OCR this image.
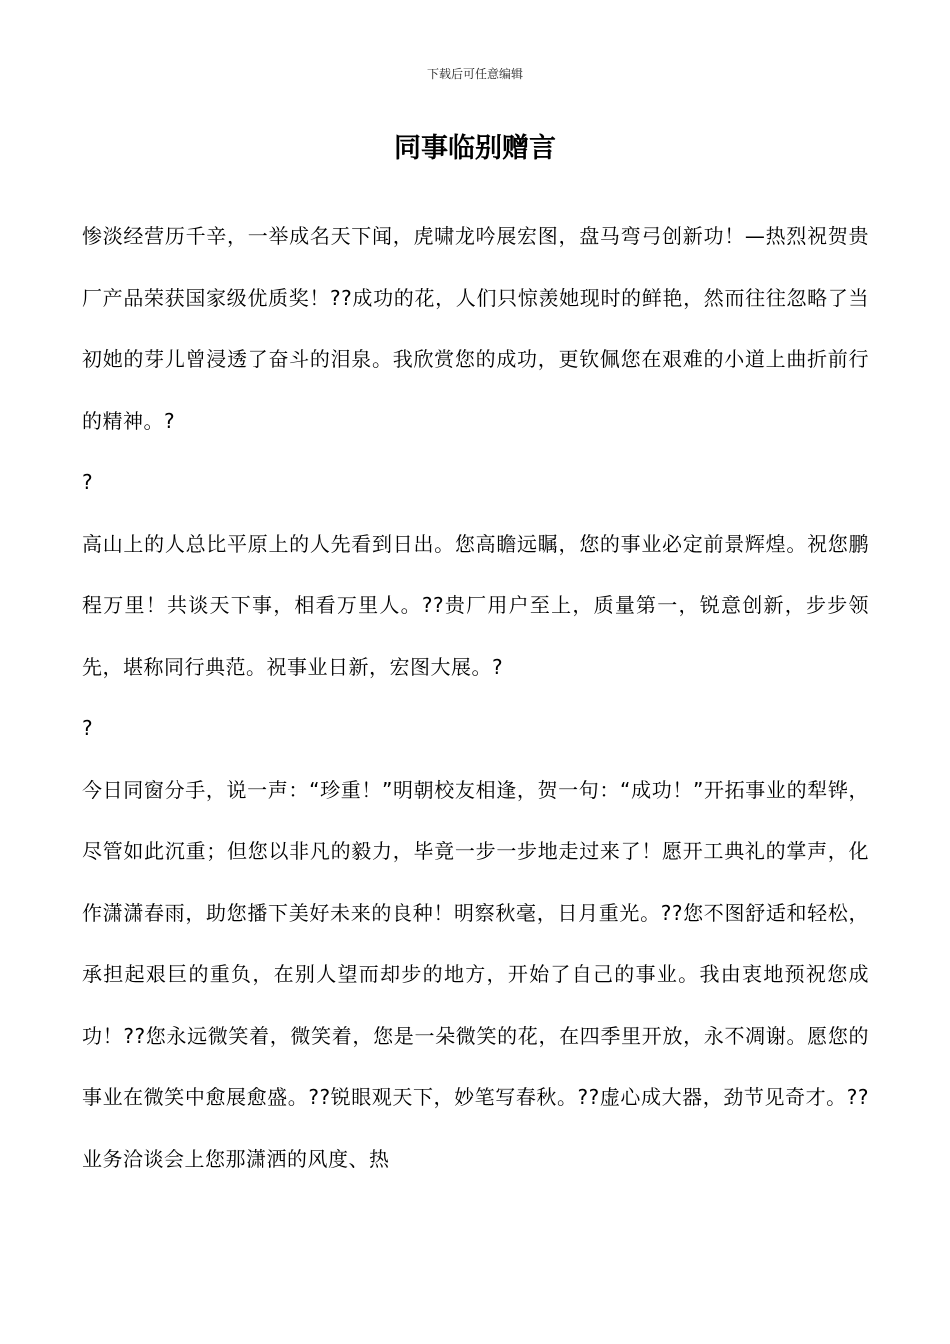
下载后可任意编辑
同事临别赠言

惨淡经营历千辛，一举成名天下闻，虎啸龙吟展宏图，盘马弯弓创新功！—热烈祝贺贵厂产品荣获国家级优质奖！??成功的花，人们只惊羡她现时的鲜艳，然而往往忽略了当初她的芽儿曾浸透了奋斗的泪泉。我欣赏您的成功，更钦佩您在艰难的小道上曲折前行的精神。?

?

高山上的人总比平原上的人先看到日出。您高瞻远瞩，您的事业必定前景辉煌。祝您鹏程万里！共谈天下事，相看万里人。??贵厂用户至上，质量第一，锐意创新，步步领先，堪称同行典范。祝事业日新，宏图大展。?

?

今日同窗分手，说一声：“珍重！”明朝校友相逢，贺一句：“成功！”开拓事业的犁铧，尽管如此沉重；但您以非凡的毅力，毕竟一步一步地走过来了！愿开工典礼的掌声，化作潇潇春雨，助您播下美好未来的良种！明察秋毫，日月重光。??您不图舒适和轻松，承担起艰巨的重负，在别人望而却步的地方，开始了自己的事业。我由衷地预祝您成功！??您永远微笑着，微笑着，您是一朵微笑的花，在四季里开放，永不凋谢。愿您的事业在微笑中愈展愈盛。??锐眼观天下，妙笔写春秋。??虚心成大器，劲节见奇才。??业务洽谈会上您那潇洒的风度、热
